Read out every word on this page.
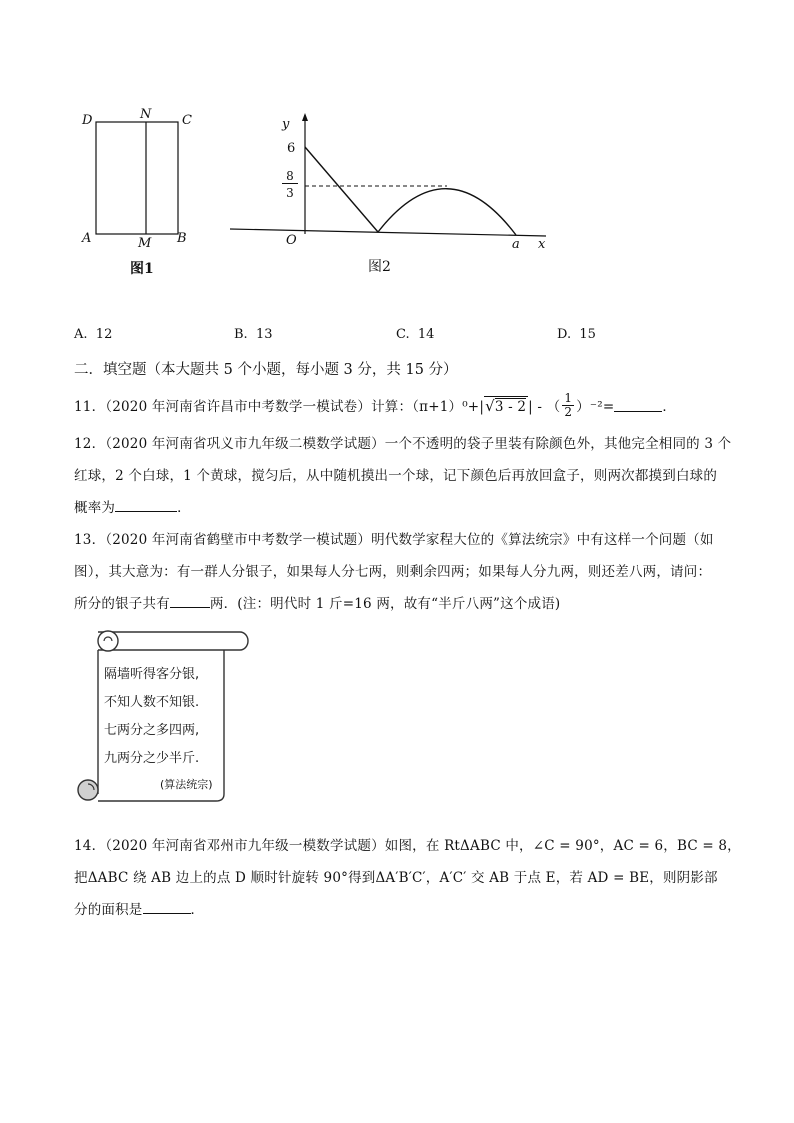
D	N C
A	M B
图1
y
6
$\frac{8}{3}$
O	a x
图2
A. 12	B. 13	C. 14	D. 15
二．填空题（本大题共 5 个小题，每小题 3 分，共 15 分）
11．（2020 年河南省许昌市中考数学一模试卷）计算：（π+1）⁰+| √3 - 2 | - （ $\frac{1}{2} )^{-2}=$	．
12．（2020 年河南省巩义市九年级二模数学试题）一个不透明的袋子里装有除颜色外，其他完全相同的 3 个
红球，2 个白球，1 个黄球，搅匀后，从中随机摸出一个球，记下颜色后再放回盒子，则两次都摸到白球的
概率为	．
13．（2020 年河南省鹤壁市中考数学一模试题）明代数学家程大位的《算法统宗》中有这样一个问题（如
图），其大意为：有一群人分银子，如果每人分七两，则剩余四两；如果每人分九两，则还差八两，请问：
所分的银子共有	两．(注：明代时 1 斤=16 两，故有“半斤八两”这个成语)
隔墙听得客分银,
不知人数不知银.
七两分之多四两,
九两分之少半斤.
(算法统宗)
14．（2020 年河南省邓州市九年级一模数学试题）如图，在 RtΔABC 中，∠C = 90°，AC = 6，BC = 8，
把ΔABC 绕 AB 边上的点 D 顺时针旋转 90°得到ΔA′B′C′，A′C′ 交 AB 于点 E，若 AD = BE，则阴影部
分的面积是	．
